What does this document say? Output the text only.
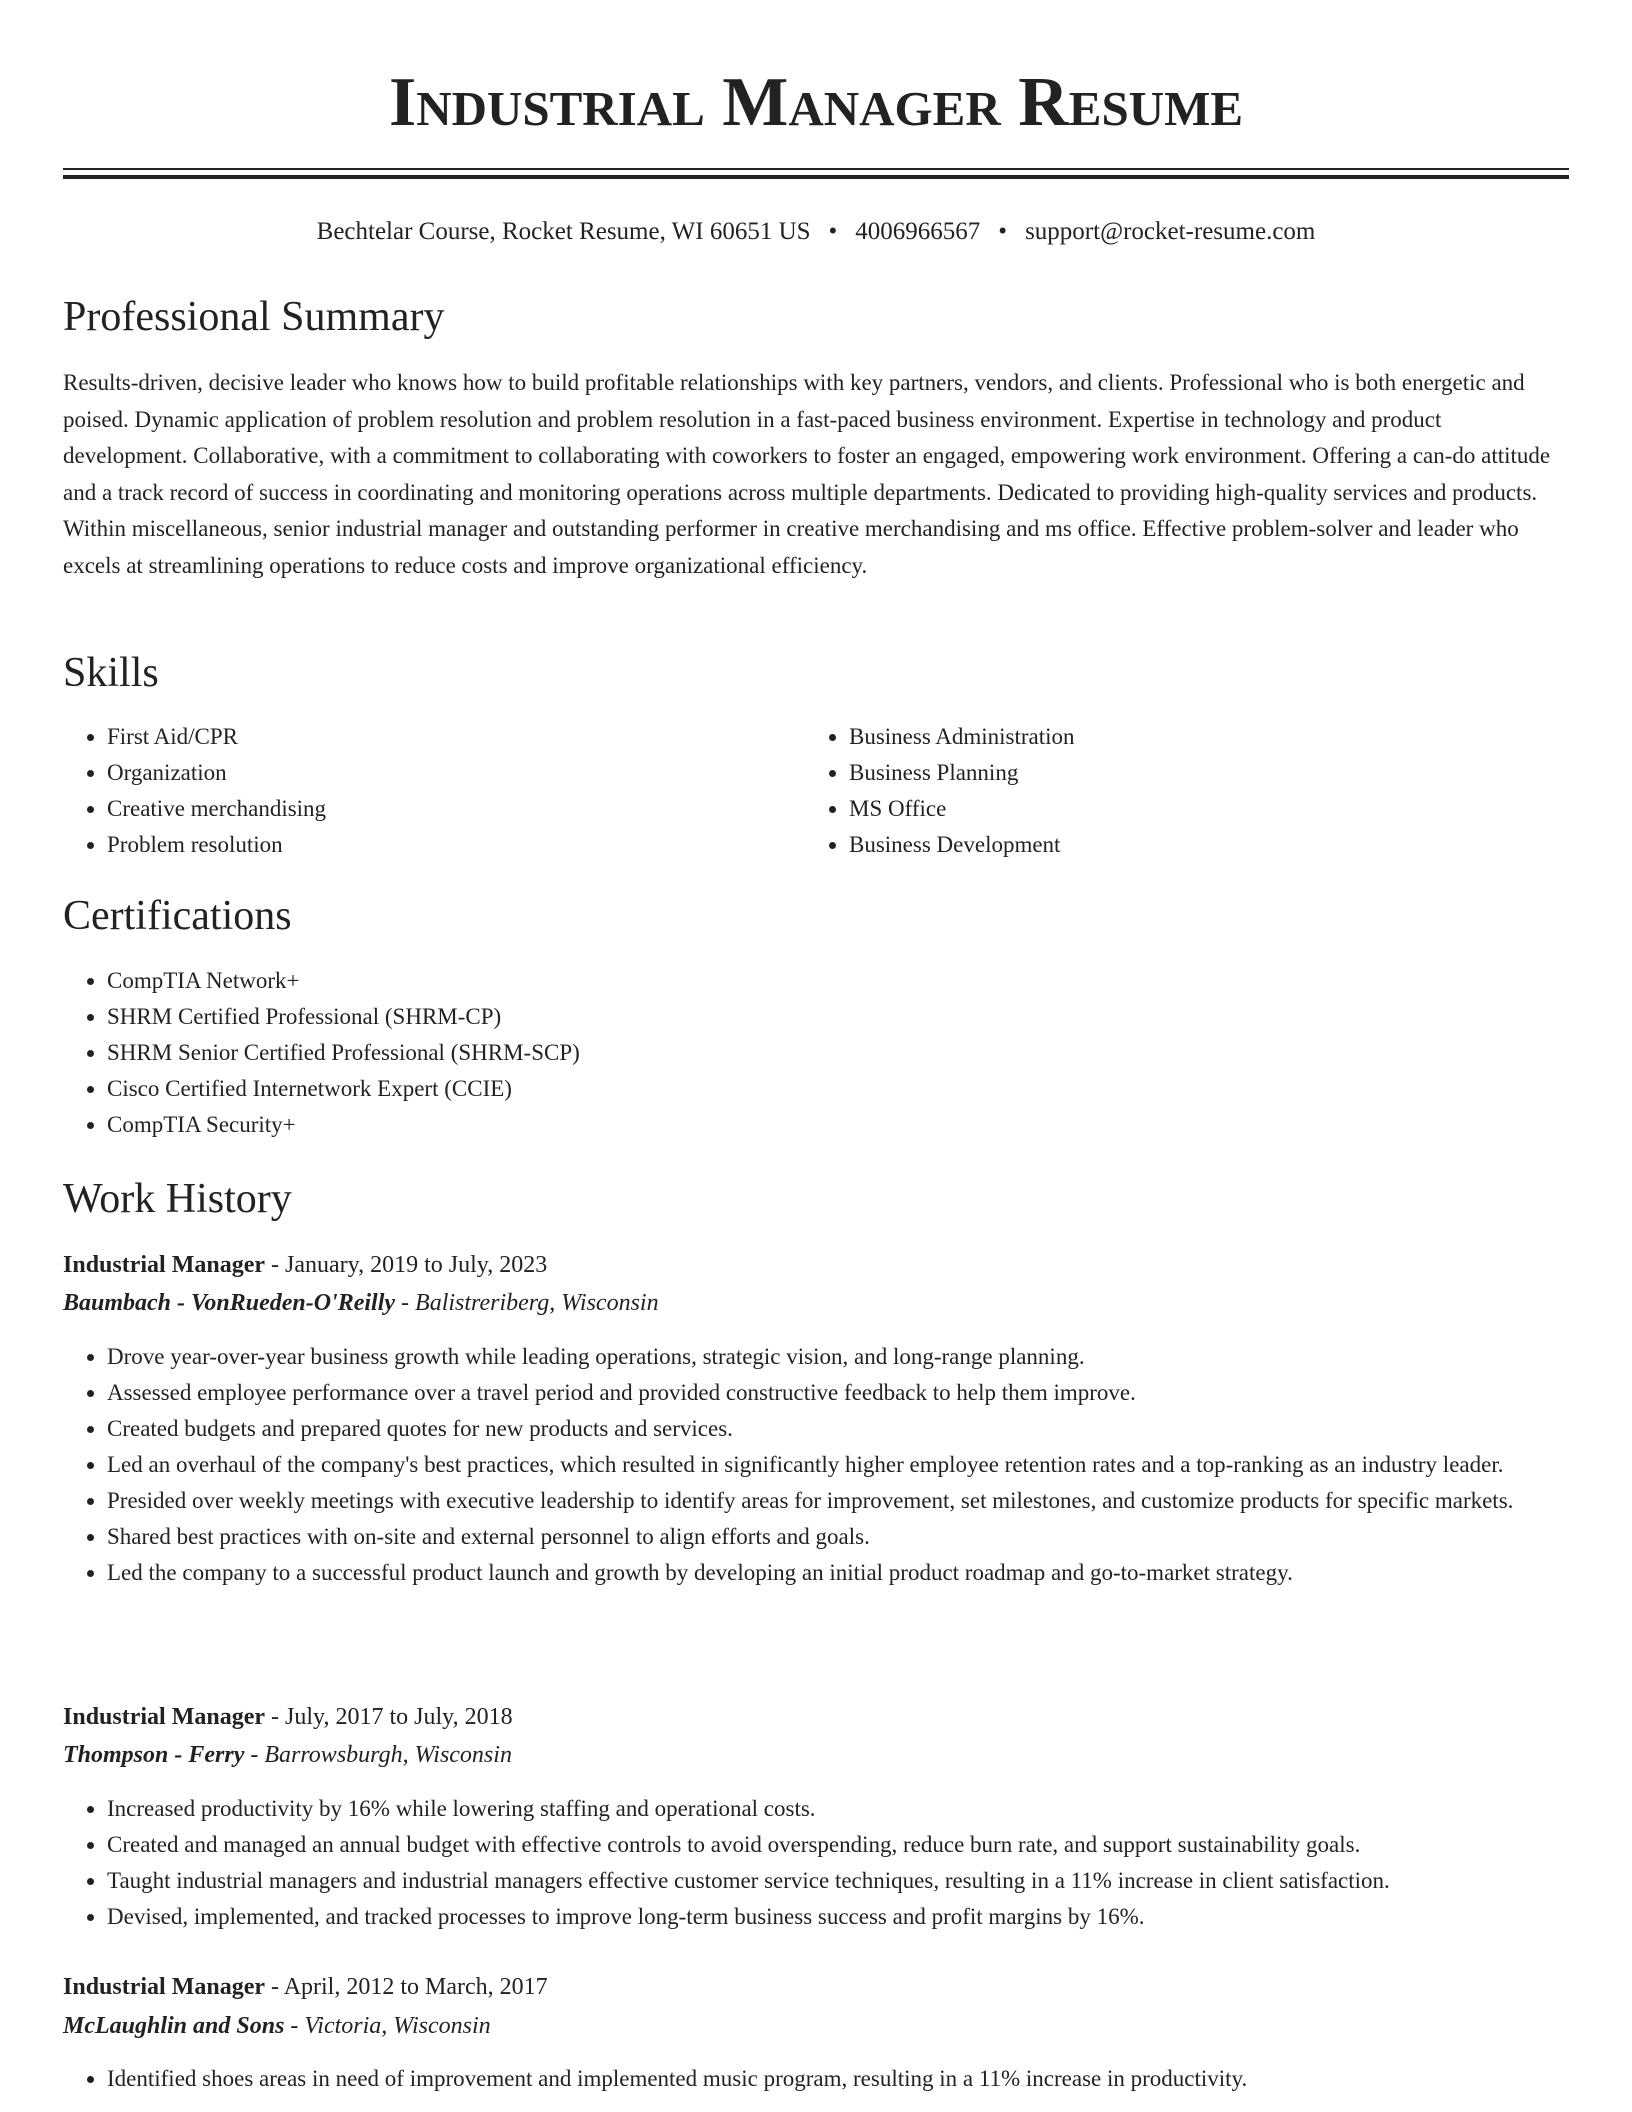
Industrial Manager Resume
Bechtelar Course, Rocket Resume, WI 60651 US • 4006966567 • support@rocket-resume.com
Professional Summary

Results-driven, decisive leader who knows how to build profitable relationships with key partners, vendors, and clients. Professional who is both energetic and poised. Dynamic application of problem resolution and problem resolution in a fast-paced business environment. Expertise in technology and product development. Collaborative, with a commitment to collaborating with coworkers to foster an engaged, empowering work environment. Offering a can-do attitude and a track record of success in coordinating and monitoring operations across multiple departments. Dedicated to providing high-quality services and products. Within miscellaneous, senior industrial manager and outstanding performer in creative merchandising and ms office. Effective problem-solver and leader who excels at streamlining operations to reduce costs and improve organizational efficiency.

Skills
• First Aid/CPR
• Organization
• Creative merchandising
• Problem resolution
• Business Administration
• Business Planning
• MS Office
• Business Development
Certifications
• CompTIA Network+
• SHRM Certified Professional (SHRM-CP)
• SHRM Senior Certified Professional (SHRM-SCP)
• Cisco Certified Internetwork Expert (CCIE)
• CompTIA Security+
Work History
Industrial Manager - January, 2019 to July, 2023
Baumbach - VonRueden-O'Reilly - Balistreriberg, Wisconsin
• Drove year-over-year business growth while leading operations, strategic vision, and long-range planning.
• Assessed employee performance over a travel period and provided constructive feedback to help them improve.
• Created budgets and prepared quotes for new products and services.
• Led an overhaul of the company's best practices, which resulted in significantly higher employee retention rates and a top-ranking as an industry leader.
• Presided over weekly meetings with executive leadership to identify areas for improvement, set milestones, and customize products for specific markets.
• Shared best practices with on-site and external personnel to align efforts and goals.
• Led the company to a successful product launch and growth by developing an initial product roadmap and go-to-market strategy.
Industrial Manager - July, 2017 to July, 2018
Thompson - Ferry - Barrowsburgh, Wisconsin
• Increased productivity by 16% while lowering staffing and operational costs.
• Created and managed an annual budget with effective controls to avoid overspending, reduce burn rate, and support sustainability goals.
• Taught industrial managers and industrial managers effective customer service techniques, resulting in a 11% increase in client satisfaction.
• Devised, implemented, and tracked processes to improve long-term business success and profit margins by 16%.
Industrial Manager - April, 2012 to March, 2017
McLaughlin and Sons - Victoria, Wisconsin
• Identified shoes areas in need of improvement and implemented music program, resulting in a 11% increase in productivity.
